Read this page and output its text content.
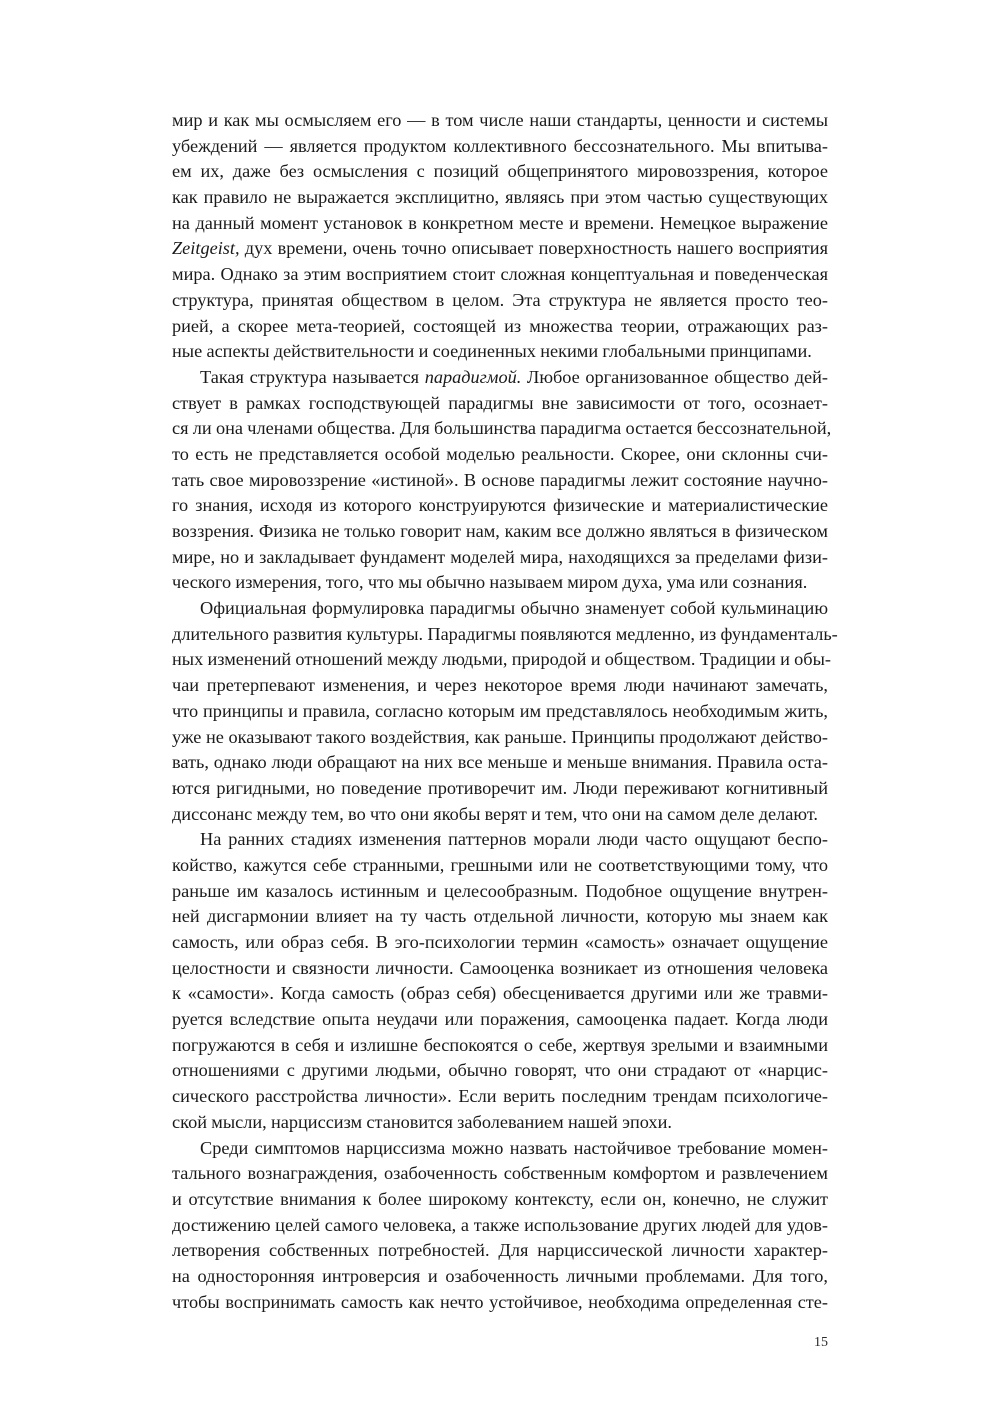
мир и как мы осмысляем его — в том числе наши стандарты, ценности и системы
убеждений — является продуктом коллективного бессознательного. Мы впитыва-
ем их, даже без осмысления с позиций общепринятого мировоззрения, которое
как правило не выражается эксплицитно, являясь при этом частью существующих
на данный момент установок в конкретном месте и времени. Немецкое выражение
Zeitgeist, дух времени, очень точно описывает поверхностность нашего восприятия
мира. Однако за этим восприятием стоит сложная концептуальная и поведенческая
структура, принятая обществом в целом. Эта структура не является просто тео-
рией, а скорее мета-теорией, состоящей из множества теории, отражающих раз-
ные аспекты действительности и соединенных некими глобальными принципами.

Такая структура называется парадигмой. Любое организованное общество дей-
ствует в рамках господствующей парадигмы вне зависимости от того, осознает-
ся ли она членами общества. Для большинства парадигма остается бессознательной,
то есть не представляется особой моделью реальности. Скорее, они склонны счи-
тать свое мировоззрение «истиной». В основе парадигмы лежит состояние научно-
го знания, исходя из которого конструируются физические и материалистические
воззрения. Физика не только говорит нам, каким все должно являться в физическом
мире, но и закладывает фундамент моделей мира, находящихся за пределами физи-
ческого измерения, того, что мы обычно называем миром духа, ума или сознания.

Официальная формулировка парадигмы обычно знаменует собой кульминацию
длительного развития культуры. Парадигмы появляются медленно, из фундаменталь-
ных изменений отношений между людьми, природой и обществом. Традиции и обы-
чаи претерпевают изменения, и через некоторое время люди начинают замечать,
что принципы и правила, согласно которым им представлялось необходимым жить,
уже не оказывают такого воздействия, как раньше. Принципы продолжают действо-
вать, однако люди обращают на них все меньше и меньше внимания. Правила оста-
ются ригидными, но поведение противоречит им. Люди переживают когнитивный
диссонанс между тем, во что они якобы верят и тем, что они на самом деле делают.

На ранних стадиях изменения паттернов морали люди часто ощущают беспо-
койство, кажутся себе странными, грешными или не соответствующими тому, что
раньше им казалось истинным и целесообразным. Подобное ощущение внутрен-
ней дисгармонии влияет на ту часть отдельной личности, которую мы знаем как
самость, или образ себя. В эго-психологии термин «самость» означает ощущение
целостности и связности личности. Самооценка возникает из отношения человека
к «самости». Когда самость (образ себя) обесценивается другими или же травми-
руется вследствие опыта неудачи или поражения, самооценка падает. Когда люди
погружаются в себя и излишне беспокоятся о себе, жертвуя зрелыми и взаимными
отношениями с другими людьми, обычно говорят, что они страдают от «нарцис-
сического расстройства личности». Если верить последним трендам психологиче-
ской мысли, нарциссизм становится заболеванием нашей эпохи.

Среди симптомов нарциссизма можно назвать настойчивое требование момен-
тального вознаграждения, озабоченность собственным комфортом и развлечением
и отсутствие внимания к более широкому контексту, если он, конечно, не служит
достижению целей самого человека, а также использование других людей для удов-
летворения собственных потребностей. Для нарциссической личности характер-
на односторонняя интроверсия и озабоченность личными проблемами. Для того,
чтобы воспринимать самость как нечто устойчивое, необходима определенная сте-

15
